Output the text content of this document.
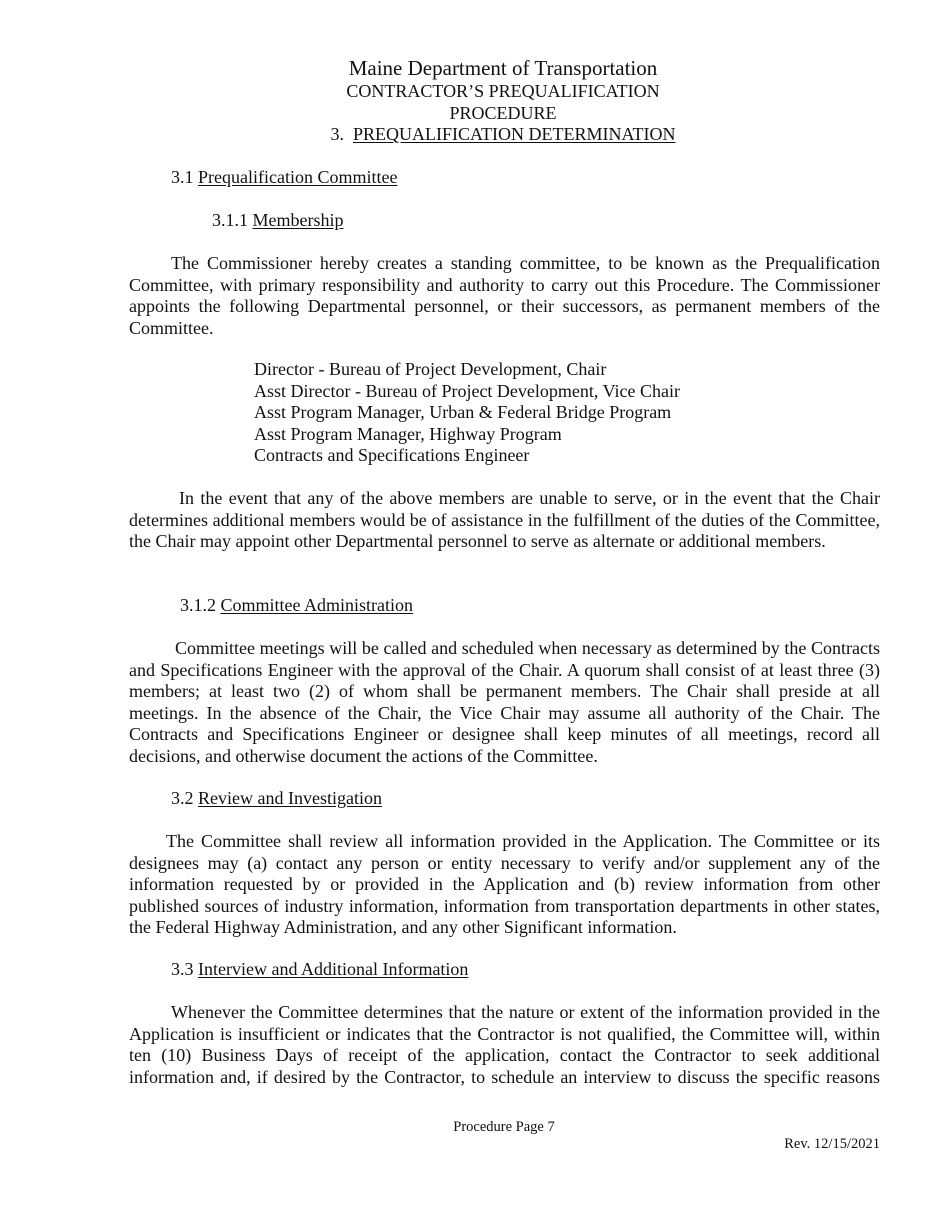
Maine Department of Transportation
CONTRACTOR’S PREQUALIFICATION
PROCEDURE
3. PREQUALIFICATION DETERMINATION
3.1 Prequalification Committee
3.1.1 Membership
The Commissioner hereby creates a standing committee, to be known as the Prequalification Committee, with primary responsibility and authority to carry out this Procedure. The Commissioner appoints the following Departmental personnel, or their successors, as permanent members of the Committee.
Director - Bureau of Project Development, Chair
Asst Director - Bureau of Project Development, Vice Chair
Asst Program Manager, Urban & Federal Bridge Program
Asst Program Manager, Highway Program
Contracts and Specifications Engineer
In the event that any of the above members are unable to serve, or in the event that the Chair determines additional members would be of assistance in the fulfillment of the duties of the Committee, the Chair may appoint other Departmental personnel to serve as alternate or additional members.
3.1.2 Committee Administration
Committee meetings will be called and scheduled when necessary as determined by the Contracts and Specifications Engineer with the approval of the Chair. A quorum shall consist of at least three (3) members; at least two (2) of whom shall be permanent members. The Chair shall preside at all meetings. In the absence of the Chair, the Vice Chair may assume all authority of the Chair. The Contracts and Specifications Engineer or designee shall keep minutes of all meetings, record all decisions, and otherwise document the actions of the Committee.
3.2 Review and Investigation
The Committee shall review all information provided in the Application. The Committee or its designees may (a) contact any person or entity necessary to verify and/or supplement any of the information requested by or provided in the Application and (b) review information from other published sources of industry information, information from transportation departments in other states, the Federal Highway Administration, and any other Significant information.
3.3 Interview and Additional Information
Whenever the Committee determines that the nature or extent of the information provided in the Application is insufficient or indicates that the Contractor is not qualified, the Committee will, within ten (10) Business Days of receipt of the application, contact the Contractor to seek additional information and, if desired by the Contractor, to schedule an interview to discuss the specific reasons
Procedure Page 7
Rev. 12/15/2021
